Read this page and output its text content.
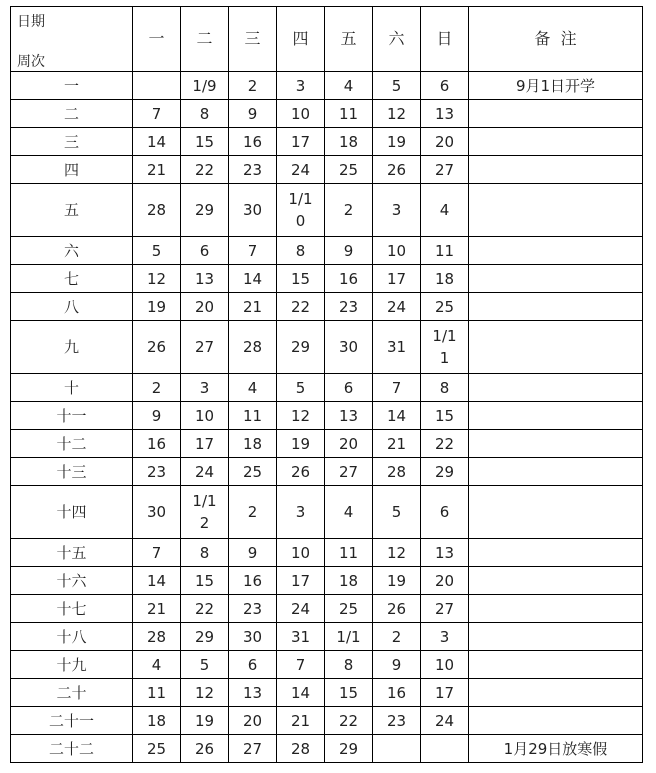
日期
周次	一	二	三	四	五	六	日	备  注
一		1/9	2	3	4	5	6	9月1日开学
二	7	8	9	10	11	12	13	
三	14	15	16	17	18	19	20	
四	21	22	23	24	25	26	27	
五	28	29	30	1/10	2	3	4	
六	5	6	7	8	9	10	11	
七	12	13	14	15	16	17	18	
八	19	20	21	22	23	24	25	
九	26	27	28	29	30	31	1/11	
十	2	3	4	5	6	7	8	
十一	9	10	11	12	13	14	15	
十二	16	17	18	19	20	21	22	
十三	23	24	25	26	27	28	29	
十四	30	1/12	2	3	4	5	6	
十五	7	8	9	10	11	12	13	
十六	14	15	16	17	18	19	20	
十七	21	22	23	24	25	26	27	
十八	28	29	30	31	1/1	2	3	
十九	4	5	6	7	8	9	10	
二十	11	12	13	14	15	16	17	
二十一	18	19	20	21	22	23	24	
二十二	25	26	27	28	29			1月29日放寒假
